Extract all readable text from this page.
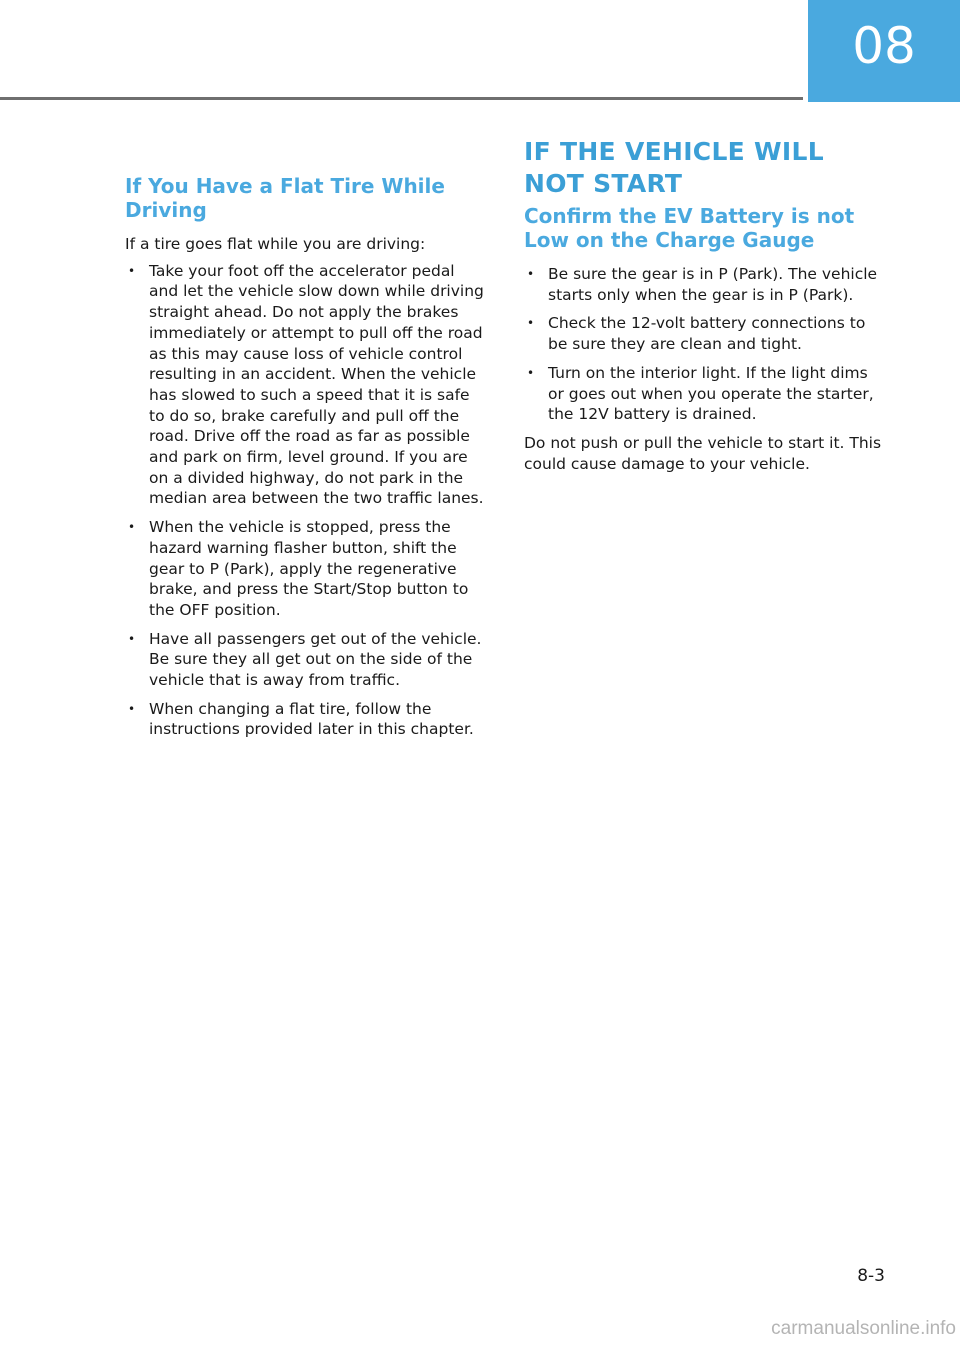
08
If You Have a Flat Tire While Driving

If a tire goes flat while you are driving:

• Take your foot off the accelerator pedal and let the vehicle slow down while driving straight ahead. Do not apply the brakes immediately or attempt to pull off the road as this may cause loss of vehicle control resulting in an accident. When the vehicle has slowed to such a speed that it is safe to do so, brake carefully and pull off the road. Drive off the road as far as possible and park on firm, level ground. If you are on a divided highway, do not park in the median area between the two traffic lanes.
• When the vehicle is stopped, press the hazard warning flasher button, shift the gear to P (Park), apply the regenerative brake, and press the Start/Stop button to the OFF position.
• Have all passengers get out of the vehicle. Be sure they all get out on the side of the vehicle that is away from traffic.
• When changing a flat tire, follow the instructions provided later in this chapter.
IF THE VEHICLE WILL NOT START
Confirm the EV Battery is not Low on the Charge Gauge
• Be sure the gear is in P (Park). The vehicle starts only when the gear is in P (Park).
• Check the 12-volt battery connections to be sure they are clean and tight.
• Turn on the interior light. If the light dims or goes out when you operate the starter, the 12V battery is drained.

Do not push or pull the vehicle to start it. This could cause damage to your vehicle.

8-3
carmanualsonline.info
